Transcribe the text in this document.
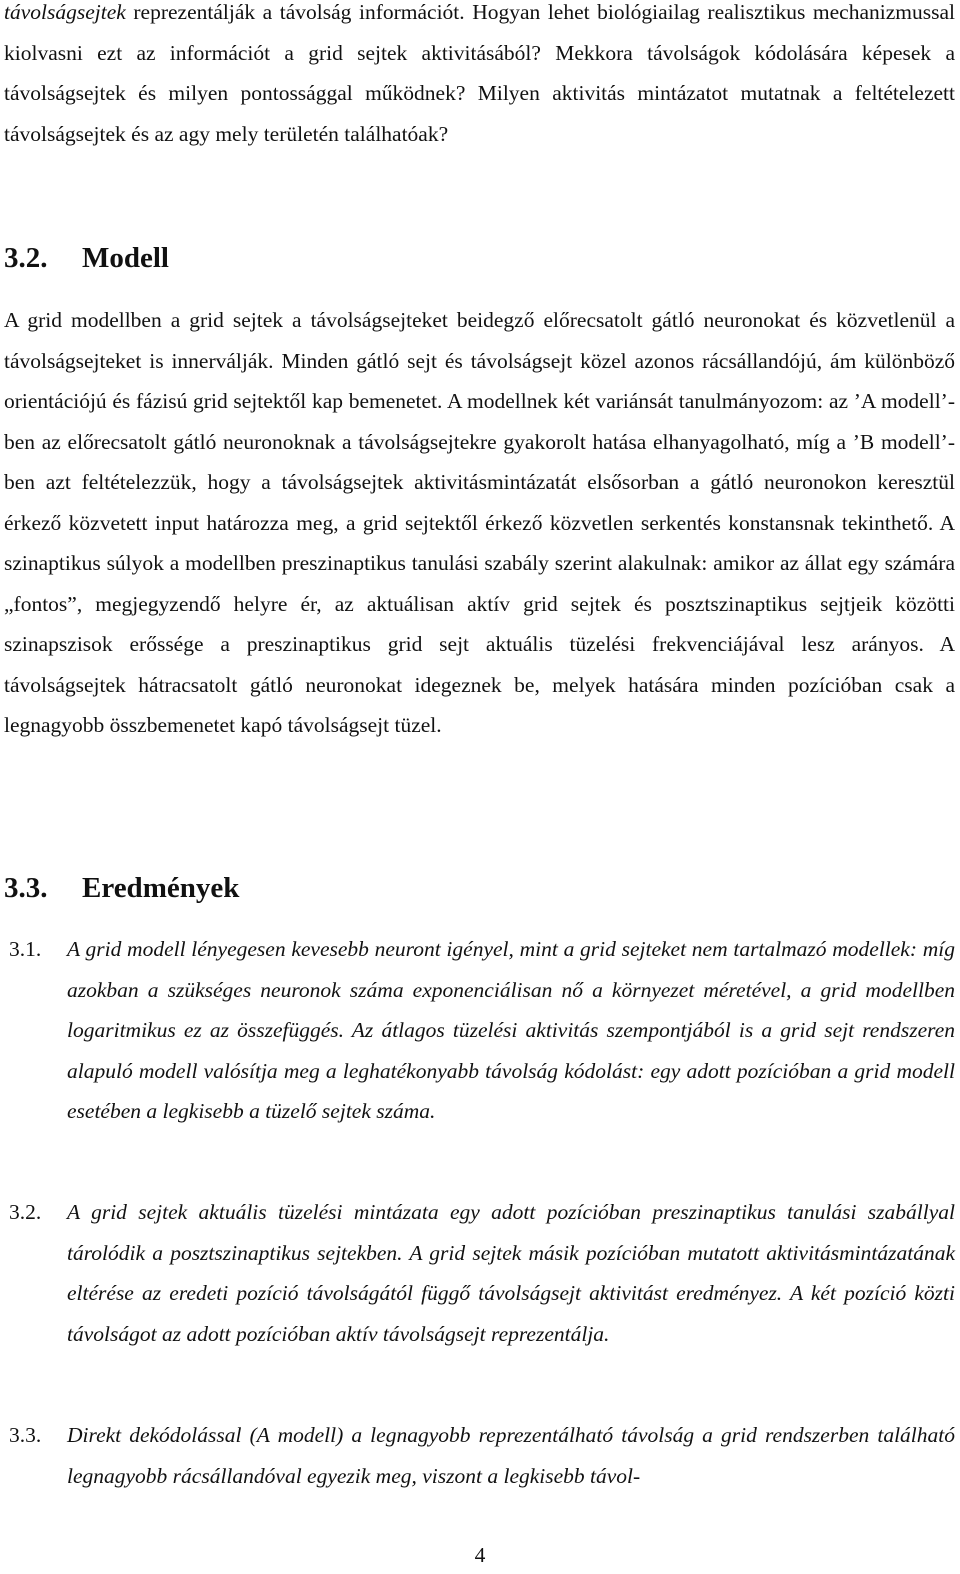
távolságsejtek reprezentálják a távolság információt. Hogyan lehet biológiailag realisztikus mechanizmussal kiolvasni ezt az információt a grid sejtek aktivitásából? Mekkora távolságok kódolására képesek a távolságsejtek és milyen pontossággal működnek? Milyen aktivitás mintázatot mutatnak a feltételezett távolságsejtek és az agy mely területén találhatóak?

3.2. Modell

A grid modellben a grid sejtek a távolságsejteket beidegző előrecsatolt gátló neuronokat és közvetlenül a távolságsejteket is innerválják. Minden gátló sejt és távolságsejt közel azonos rácsállandójú, ám különböző orientációjú és fázisú grid sejtektől kap bemenetet. A modellnek két variánsát tanulmányozom: az ’A modell’-ben az előrecsatolt gátló neuronoknak a távolságsejtekre gyakorolt hatása elhanyagolható, míg a ’B modell’-ben azt feltételezzük, hogy a távolságsejtek aktivitásmintázatát elsősorban a gátló neuronokon keresztül érkező közvetett input határozza meg, a grid sejtektől érkező közvetlen serkentés konstansnak tekinthető. A szinaptikus súlyok a modellben preszinaptikus tanulási szabály szerint alakulnak: amikor az állat egy számára „fontos”, megjegyzendő helyre ér, az aktuálisan aktív grid sejtek és posztszinaptikus sejtjeik közötti szinapszisok erőssége a preszinaptikus grid sejt aktuális tüzelési frekvenciájával lesz arányos. A távolságsejtek hátracsatolt gátló neuronokat idegeznek be, melyek hatására minden pozícióban csak a legnagyobb összbemenetet kapó távolságsejt tüzel.

3.3. Eredmények
3.1. A grid modell lényegesen kevesebb neuront igényel, mint a grid sejteket nem tartalmazó modellek: míg azokban a szükséges neuronok száma exponenciálisan nő a környezet méretével, a grid modellben logaritmikus ez az összefüggés. Az átlagos tüzelési aktivitás szempontjából is a grid sejt rendszeren alapuló modell valósítja meg a leghatékonyabb távolság kódolást: egy adott pozícióban a grid modell esetében a legkisebb a tüzelő sejtek száma.

3.2. A grid sejtek aktuális tüzelési mintázata egy adott pozícióban preszinaptikus tanulási szabállyal tárolódik a posztszinaptikus sejtekben. A grid sejtek másik pozícióban mutatott aktivitásmintázatának eltérése az eredeti pozíció távolságától függő távolságsejt aktivitást eredményez. A két pozíció közti távolságot az adott pozícióban aktív távolságsejt reprezentálja.

3.3. Direkt dekódolással (A modell) a legnagyobb reprezentálható távolság a grid rendszerben található legnagyobb rácsállandóval egyezik meg, viszont a legkisebb távol-

4
